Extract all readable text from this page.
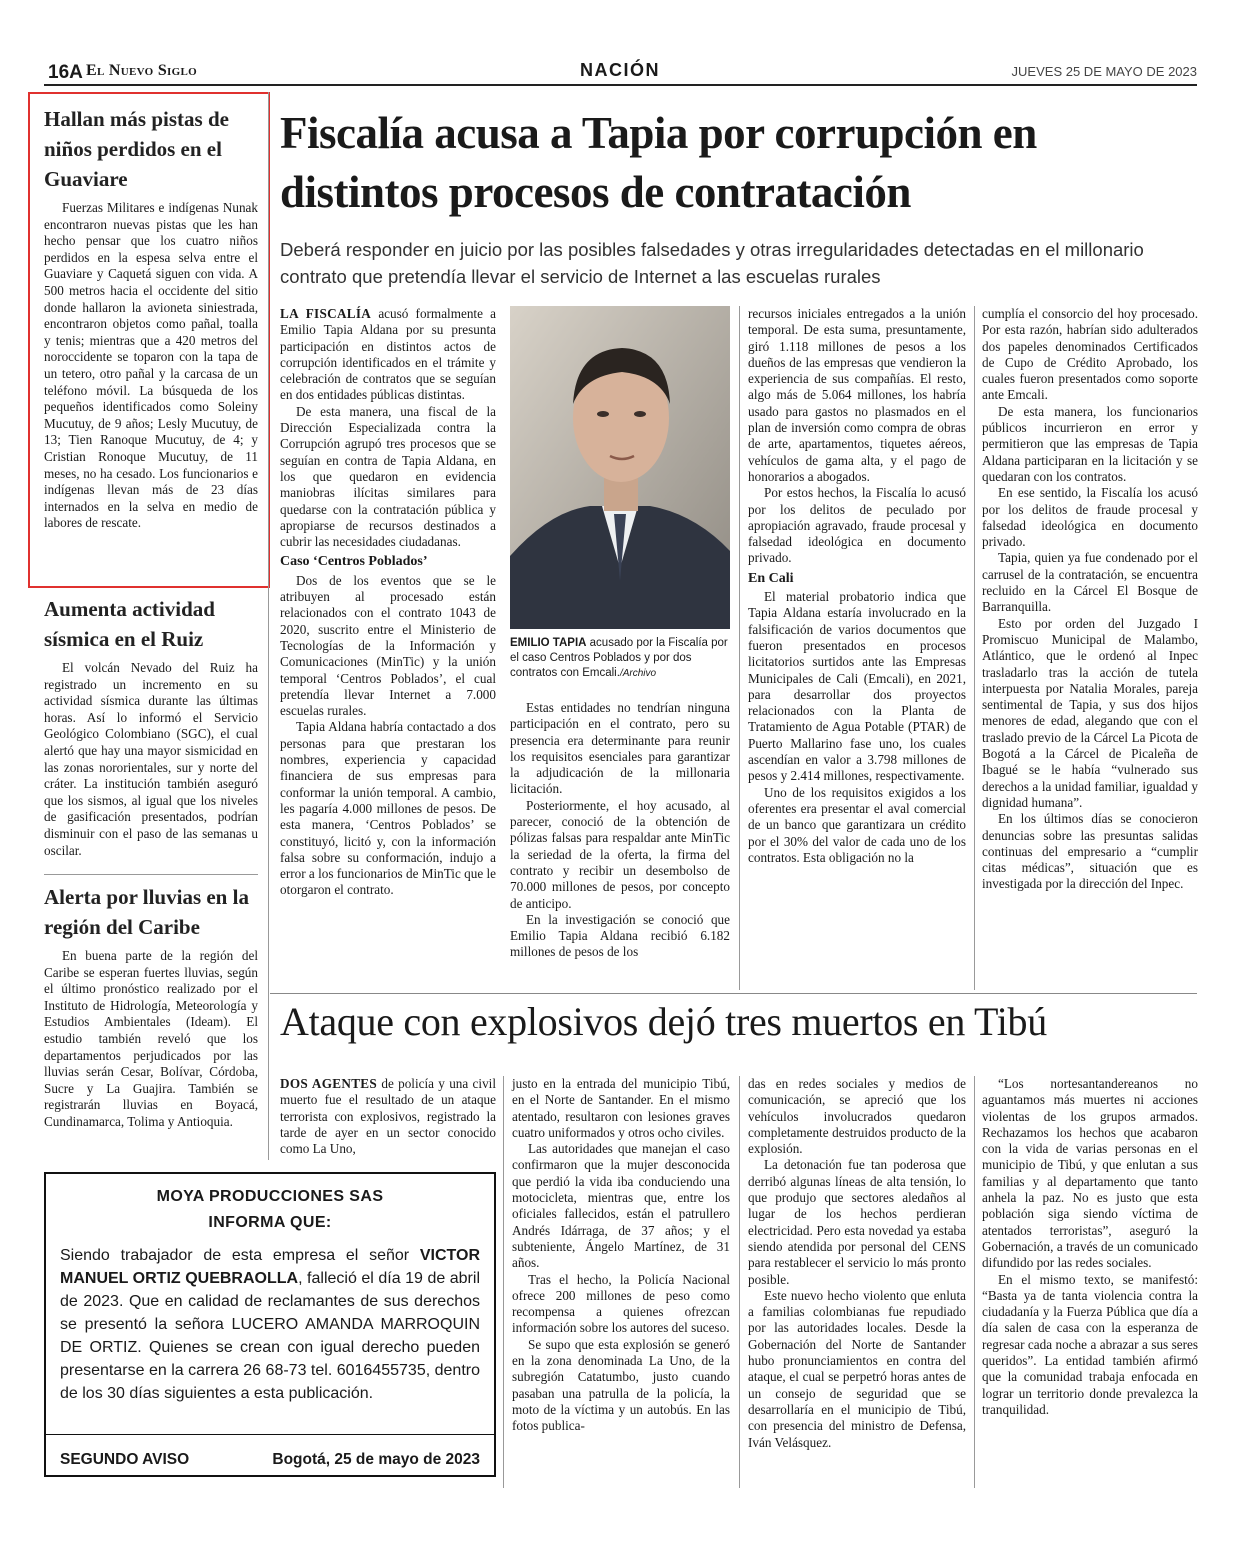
16A El Nuevo Siglo	NACIÓN	JUEVES 25 DE MAYO DE 2023
Hallan más pistas de niños perdidos en el Guaviare

Fuerzas Militares e indígenas Nunak encontraron nuevas pistas que les han hecho pensar que los cuatro niños perdidos en la espesa selva entre el Guaviare y Caquetá siguen con vida. A 500 metros hacia el occidente del sitio donde hallaron la avioneta siniestrada, encontraron objetos como pañal, toalla y tenis; mientras que a 420 metros del noroccidente se toparon con la tapa de un tetero, otro pañal y la carcasa de un teléfono móvil. La búsqueda de los pequeños identificados como Soleiny Mucutuy, de 9 años; Lesly Mucutuy, de 13; Tien Ranoque Mucutuy, de 4; y Cristian Ronoque Mucutuy, de 11 meses, no ha cesado. Los funcionarios e indígenas llevan más de 23 días internados en la selva en medio de labores de rescate.

Aumenta actividad sísmica en el Ruiz

El volcán Nevado del Ruiz ha registrado un incremento en su actividad sísmica durante las últimas horas. Así lo informó el Servicio Geológico Colombiano (SGC), el cual alertó que hay una mayor sismicidad en las zonas nororientales, sur y norte del cráter. La institución también aseguró que los sismos, al igual que los niveles de gasificación presentados, podrían disminuir con el paso de las semanas u oscilar.

Alerta por lluvias en la región del Caribe

En buena parte de la región del Caribe se esperan fuertes lluvias, según el último pronóstico realizado por el Instituto de Hidrología, Meteorología y Estudios Ambientales (Ideam). El estudio también reveló que los departamentos perjudicados por las lluvias serán Cesar, Bolívar, Córdoba, Sucre y La Guajira. También se registrarán lluvias en Boyacá, Cundinamarca, Tolima y Antioquia.

Fiscalía acusa a Tapia por corrupción en distintos procesos de contratación
Deberá responder en juicio por las posibles falsedades y otras irregularidades detectadas en el millonario contrato que pretendía llevar el servicio de Internet a las escuelas rurales

LA FISCALÍA acusó formalmente a Emilio Tapia Aldana por su presunta participación en distintos actos de corrupción identificados en el trámite y celebración de contratos que se seguían en dos entidades públicas distintas.

De esta manera, una fiscal de la Dirección Especializada contra la Corrupción agrupó tres procesos que se seguían en contra de Tapia Aldana, en los que quedaron en evidencia maniobras ilícitas similares para quedarse con la contratación pública y apropiarse de recursos destinados a cubrir las necesidades ciudadanas.

Caso ‘Centros Poblados’

Dos de los eventos que se le atribuyen al procesado están relacionados con el contrato 1043 de 2020, suscrito entre el Ministerio de Tecnologías de la Información y Comunicaciones (MinTic) y la unión temporal ‘Centros Poblados’, el cual pretendía llevar Internet a 7.000 escuelas rurales.

Tapia Aldana habría contactado a dos personas para que prestaran los nombres, experiencia y capacidad financiera de sus empresas para conformar la unión temporal. A cambio, les pagaría 4.000 millones de pesos. De esta manera, ‘Centros Poblados’ se constituyó, licitó y, con la información falsa sobre su conformación, indujo a error a los funcionarios de MinTic que le otorgaron el contrato.

EMILIO TAPIA acusado por la Fiscalía por el caso Centros Poblados y por dos contratos con Emcali./Archivo

Estas entidades no tendrían ninguna participación en el contrato, pero su presencia era determinante para reunir los requisitos esenciales para garantizar la adjudicación de la millonaria licitación.

Posteriormente, el hoy acusado, al parecer, conoció de la obtención de pólizas falsas para respaldar ante MinTic la seriedad de la oferta, la firma del contrato y recibir un desembolso de 70.000 millones de pesos, por concepto de anticipo.

En la investigación se conoció que Emilio Tapia Aldana recibió 6.182 millones de pesos de los

recursos iniciales entregados a la unión temporal. De esta suma, presuntamente, giró 1.118 millones de pesos a los dueños de las empresas que vendieron la experiencia de sus compañías. El resto, algo más de 5.064 millones, los habría usado para gastos no plasmados en el plan de inversión como compra de obras de arte, apartamentos, tiquetes aéreos, vehículos de gama alta, y el pago de honorarios a abogados.

Por estos hechos, la Fiscalía lo acusó por los delitos de peculado por apropiación agravado, fraude procesal y falsedad ideológica en documento privado.

En Cali

El material probatorio indica que Tapia Aldana estaría involucrado en la falsificación de varios documentos que fueron presentados en procesos licitatorios surtidos ante las Empresas Municipales de Cali (Emcali), en 2021, para desarrollar dos proyectos relacionados con la Planta de Tratamiento de Agua Potable (PTAR) de Puerto Mallarino fase uno, los cuales ascendían en valor a 3.798 millones de pesos y 2.414 millones, respectivamente.

Uno de los requisitos exigidos a los oferentes era presentar el aval comercial de un banco que garantizara un crédito por el 30% del valor de cada uno de los contratos. Esta obligación no la

cumplía el consorcio del hoy procesado. Por esta razón, habrían sido adulterados dos papeles denominados Certificados de Cupo de Crédito Aprobado, los cuales fueron presentados como soporte ante Emcali.

De esta manera, los funcionarios públicos incurrieron en error y permitieron que las empresas de Tapia Aldana participaran en la licitación y se quedaran con los contratos.

En ese sentido, la Fiscalía los acusó por los delitos de fraude procesal y falsedad ideológica en documento privado.

Tapia, quien ya fue condenado por el carrusel de la contratación, se encuentra recluido en la Cárcel El Bosque de Barranquilla.

Esto por orden del Juzgado I Promiscuo Municipal de Malambo, Atlántico, que le ordenó al Inpec trasladarlo tras la acción de tutela interpuesta por Natalia Morales, pareja sentimental de Tapia, y sus dos hijos menores de edad, alegando que con el traslado previo de la Cárcel La Picota de Bogotá a la Cárcel de Picaleña de Ibagué se le había “vulnerado sus derechos a la unidad familiar, igualdad y dignidad humana”.

En los últimos días se conocieron denuncias sobre las presuntas salidas continuas del empresario a “cumplir citas médicas”, situación que es investigada por la dirección del Inpec.

Ataque con explosivos dejó tres muertos en Tibú

DOS AGENTES de policía y una civil muerto fue el resultado de un ataque terrorista con explosivos, registrado la tarde de ayer en un sector conocido como La Uno,

justo en la entrada del municipio Tibú, en el Norte de Santander. En el mismo atentado, resultaron con lesiones graves cuatro uniformados y otros ocho civiles.

Las autoridades que manejan el caso confirmaron que la mujer desconocida que perdió la vida iba conduciendo una motocicleta, mientras que, entre los oficiales fallecidos, están el patrullero Andrés Idárraga, de 37 años; y el subteniente, Ángelo Martínez, de 31 años.

Tras el hecho, la Policía Nacional ofrece 200 millones de peso como recompensa a quienes ofrezcan información sobre los autores del suceso.

Se supo que esta explosión se generó en la zona denominada La Uno, de la subregión Catatumbo, justo cuando pasaban una patrulla de la policía, la moto de la víctima y un autobús. En las fotos publica-

das en redes sociales y medios de comunicación, se apreció que los vehículos involucrados quedaron completamente destruidos producto de la explosión.

La detonación fue tan poderosa que derribó algunas líneas de alta tensión, lo que produjo que sectores aledaños al lugar de los hechos perdieran electricidad. Pero esta novedad ya estaba siendo atendida por personal del CENS para restablecer el servicio lo más pronto posible.

Este nuevo hecho violento que enluta a familias colombianas fue repudiado por las autoridades locales. Desde la Gobernación del Norte de Santander hubo pronunciamientos en contra del ataque, el cual se perpetró horas antes de un consejo de seguridad que se desarrollaría en el municipio de Tibú, con presencia del ministro de Defensa, Iván Velásquez.

“Los nortesantandereanos no aguantamos más muertes ni acciones violentas de los grupos armados. Rechazamos los hechos que acabaron con la vida de varias personas en el municipio de Tibú, y que enlutan a sus familias y al departamento que tanto anhela la paz. No es justo que esta población siga siendo víctima de atentados terroristas”, aseguró la Gobernación, a través de un comunicado difundido por las redes sociales.

En el mismo texto, se manifestó: “Basta ya de tanta violencia contra la ciudadanía y la Fuerza Pública que día a día salen de casa con la esperanza de regresar cada noche a abrazar a sus seres queridos”. La entidad también afirmó que la comunidad trabaja enfocada en lograr un territorio donde prevalezca la tranquilidad.

MOYA PRODUCCIONES SAS
INFORMA QUE:
Siendo trabajador de esta empresa el señor VICTOR MANUEL ORTIZ QUEBRAOLLA, falleció el día 19 de abril de 2023. Que en calidad de reclamantes de sus derechos se presentó la señora LUCERO AMANDA MARROQUIN DE ORTIZ. Quienes se crean con igual derecho pueden presentarse en la carrera 26 68-73 tel. 6016455735, dentro de los 30 días siguientes a esta publicación.
SEGUNDO AVISO	Bogotá, 25 de mayo de 2023
